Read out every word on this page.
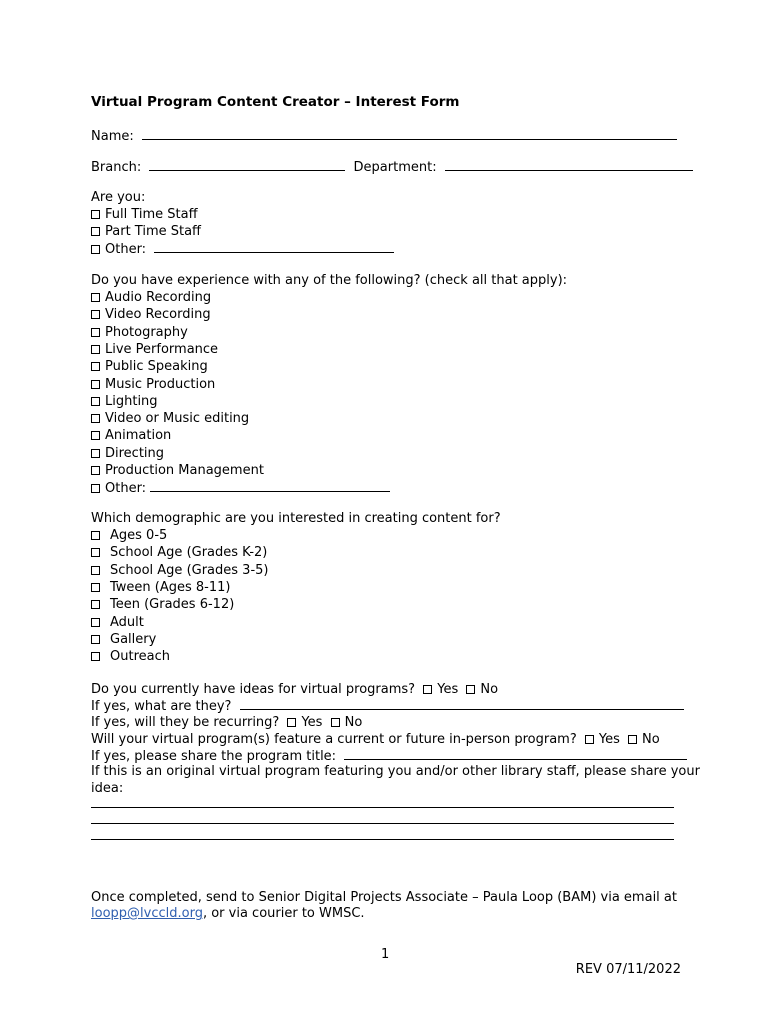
Virtual Program Content Creator – Interest Form
Name:
Branch:	Department:
Are you:
Full Time Staff
Part Time Staff
Other:
Do you have experience with any of the following? (check all that apply):
Audio Recording
Video Recording
Photography
Live Performance
Public Speaking
Music Production
Lighting
Video or Music editing
Animation
Directing
Production Management
Other:
Which demographic are you interested in creating content for?
Ages 0-5
School Age (Grades K-2)
School Age (Grades 3-5)
Tween (Ages 8-11)
Teen (Grades 6-12)
Adult
Gallery
Outreach
Do you currently have ideas for virtual programs? Yes No
If yes, what are they?
If yes, will they be recurring? Yes No
Will your virtual program(s) feature a current or future in-person program? Yes No
If yes, please share the program title:
If this is an original virtual program featuring you and/or other library staff, please share your
idea:
Once completed, send to Senior Digital Projects Associate – Paula Loop (BAM) via email at
loopp@lvccld.org, or via courier to WMSC.
1
REV 07/11/2022
